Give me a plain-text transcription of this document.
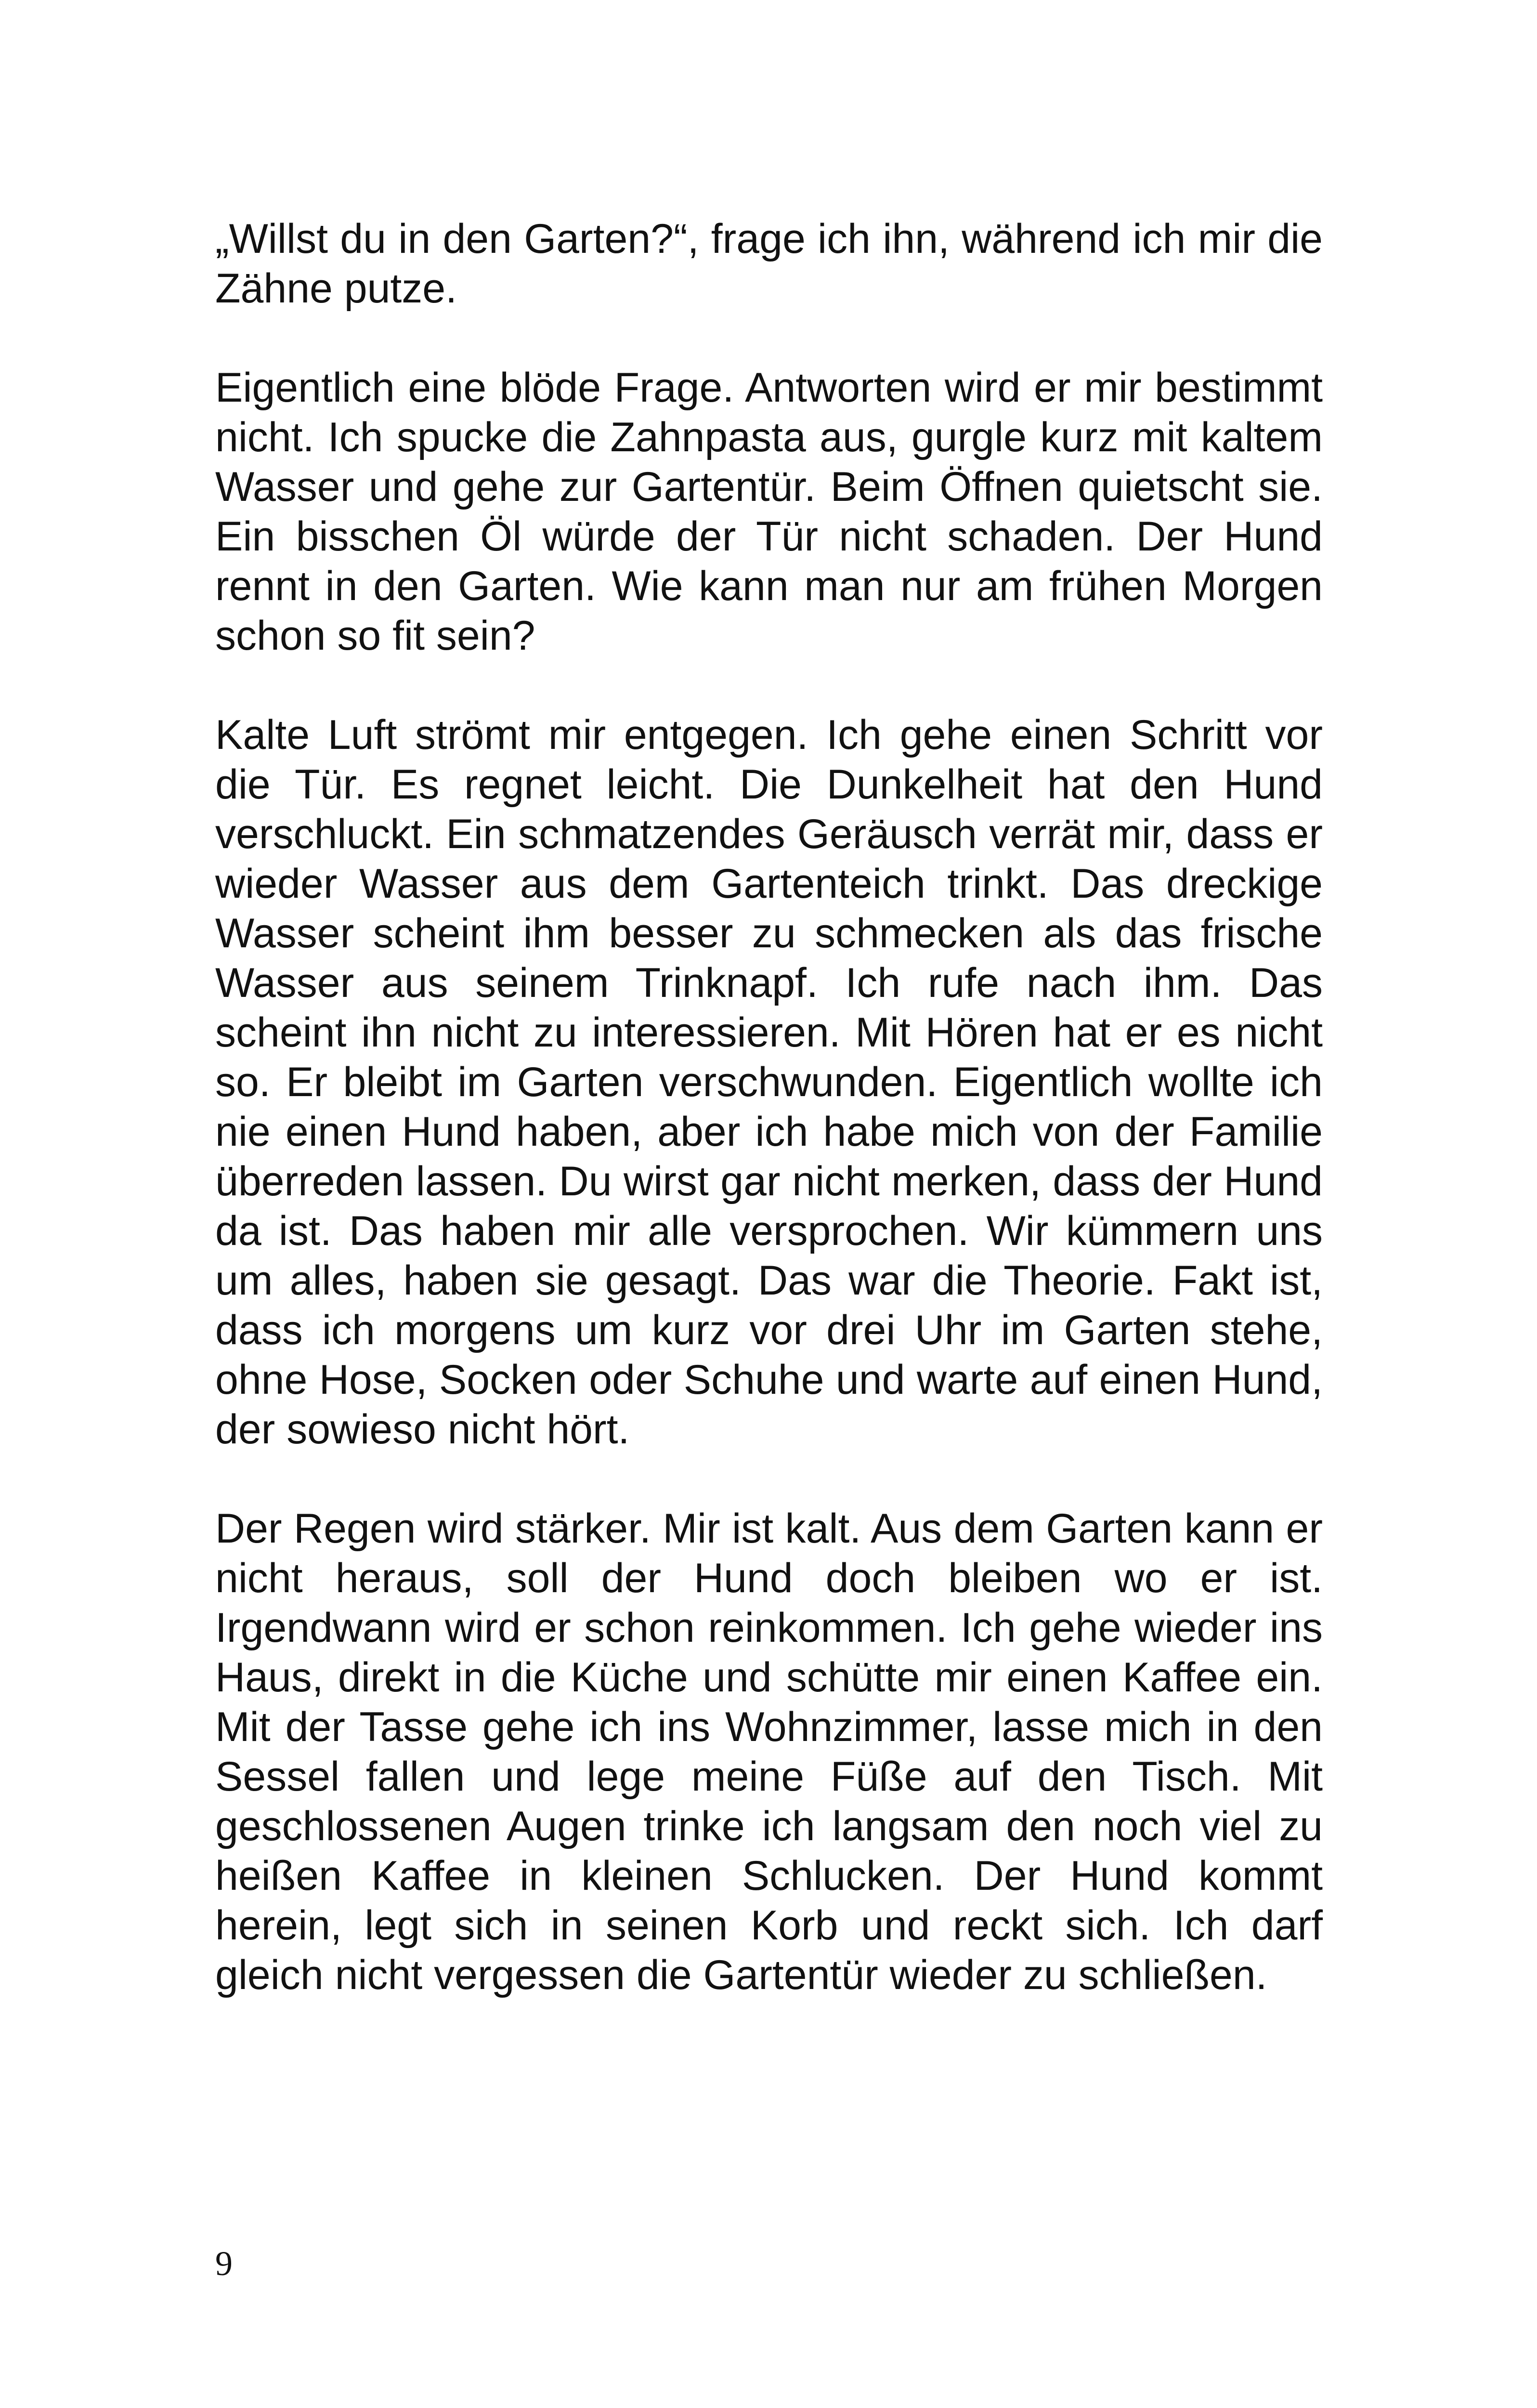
„Willst du in den Garten?“, frage ich ihn, während ich mir die Zähne putze.

Eigentlich eine blöde Frage. Antworten wird er mir bestimmt nicht. Ich spucke die Zahnpasta aus, gurgle kurz mit kaltem Wasser und gehe zur Gartentür. Beim Öffnen quietscht sie. Ein bisschen Öl würde der Tür nicht schaden. Der Hund rennt in den Garten. Wie kann man nur am frühen Morgen schon so fit sein?

Kalte Luft strömt mir entgegen. Ich gehe einen Schritt vor die Tür. Es regnet leicht. Die Dunkelheit hat den Hund verschluckt. Ein schmatzendes Geräusch verrät mir, dass er wieder Wasser aus dem Gartenteich trinkt. Das dreckige Wasser scheint ihm besser zu schmecken als das frische Wasser aus seinem Trinknapf. Ich rufe nach ihm. Das scheint ihn nicht zu interessieren. Mit Hören hat er es nicht so. Er bleibt im Garten verschwunden. Eigentlich wollte ich nie einen Hund haben, aber ich habe mich von der Familie überreden lassen. Du wirst gar nicht merken, dass der Hund da ist. Das haben mir alle versprochen. Wir kümmern uns um alles, haben sie gesagt. Das war die Theorie. Fakt ist, dass ich morgens um kurz vor drei Uhr im Garten stehe, ohne Hose, Socken oder Schuhe und warte auf einen Hund, der sowieso nicht hört.

Der Regen wird stärker. Mir ist kalt. Aus dem Garten kann er nicht heraus, soll der Hund doch bleiben wo er ist. Irgendwann wird er schon reinkommen. Ich gehe wieder ins Haus, direkt in die Küche und schütte mir einen Kaffee ein. Mit der Tasse gehe ich ins Wohnzimmer, lasse mich in den Sessel fallen und lege meine Füße auf den Tisch. Mit geschlossenen Augen trinke ich langsam den noch viel zu heißen Kaffee in kleinen Schlucken. Der Hund kommt herein, legt sich in seinen Korb und reckt sich. Ich darf gleich nicht vergessen die Gartentür wieder zu schließen.

9
